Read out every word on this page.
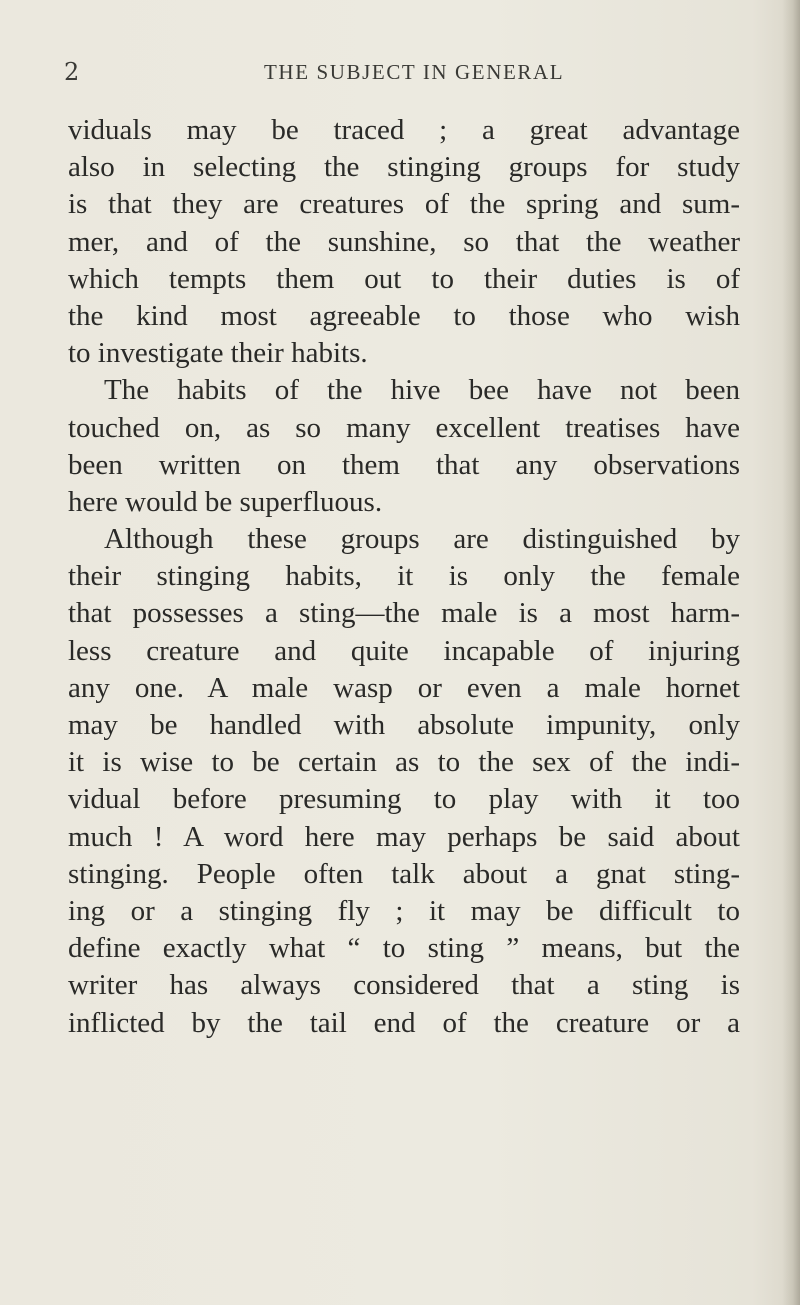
2	THE SUBJECT IN GENERAL
viduals may be traced ; a great advantage
also in selecting the stinging groups for study
is that they are creatures of the spring and sum-
mer, and of the sunshine, so that the weather
which tempts them out to their duties is of
the kind most agreeable to those who wish
to investigate their habits.
The habits of the hive bee have not been
touched on, as so many excellent treatises have
been written on them that any observations
here would be superfluous.
Although these groups are distinguished by
their stinging habits, it is only the female
that possesses a sting—the male is a most harm-
less creature and quite incapable of injuring
any one. A male wasp or even a male hornet
may be handled with absolute impunity, only
it is wise to be certain as to the sex of the indi-
vidual before presuming to play with it too
much ! A word here may perhaps be said about
stinging. People often talk about a gnat sting-
ing or a stinging fly ; it may be difficult to
define exactly what “ to sting ” means, but the
writer has always considered that a sting is
inflicted by the tail end of the creature or a
